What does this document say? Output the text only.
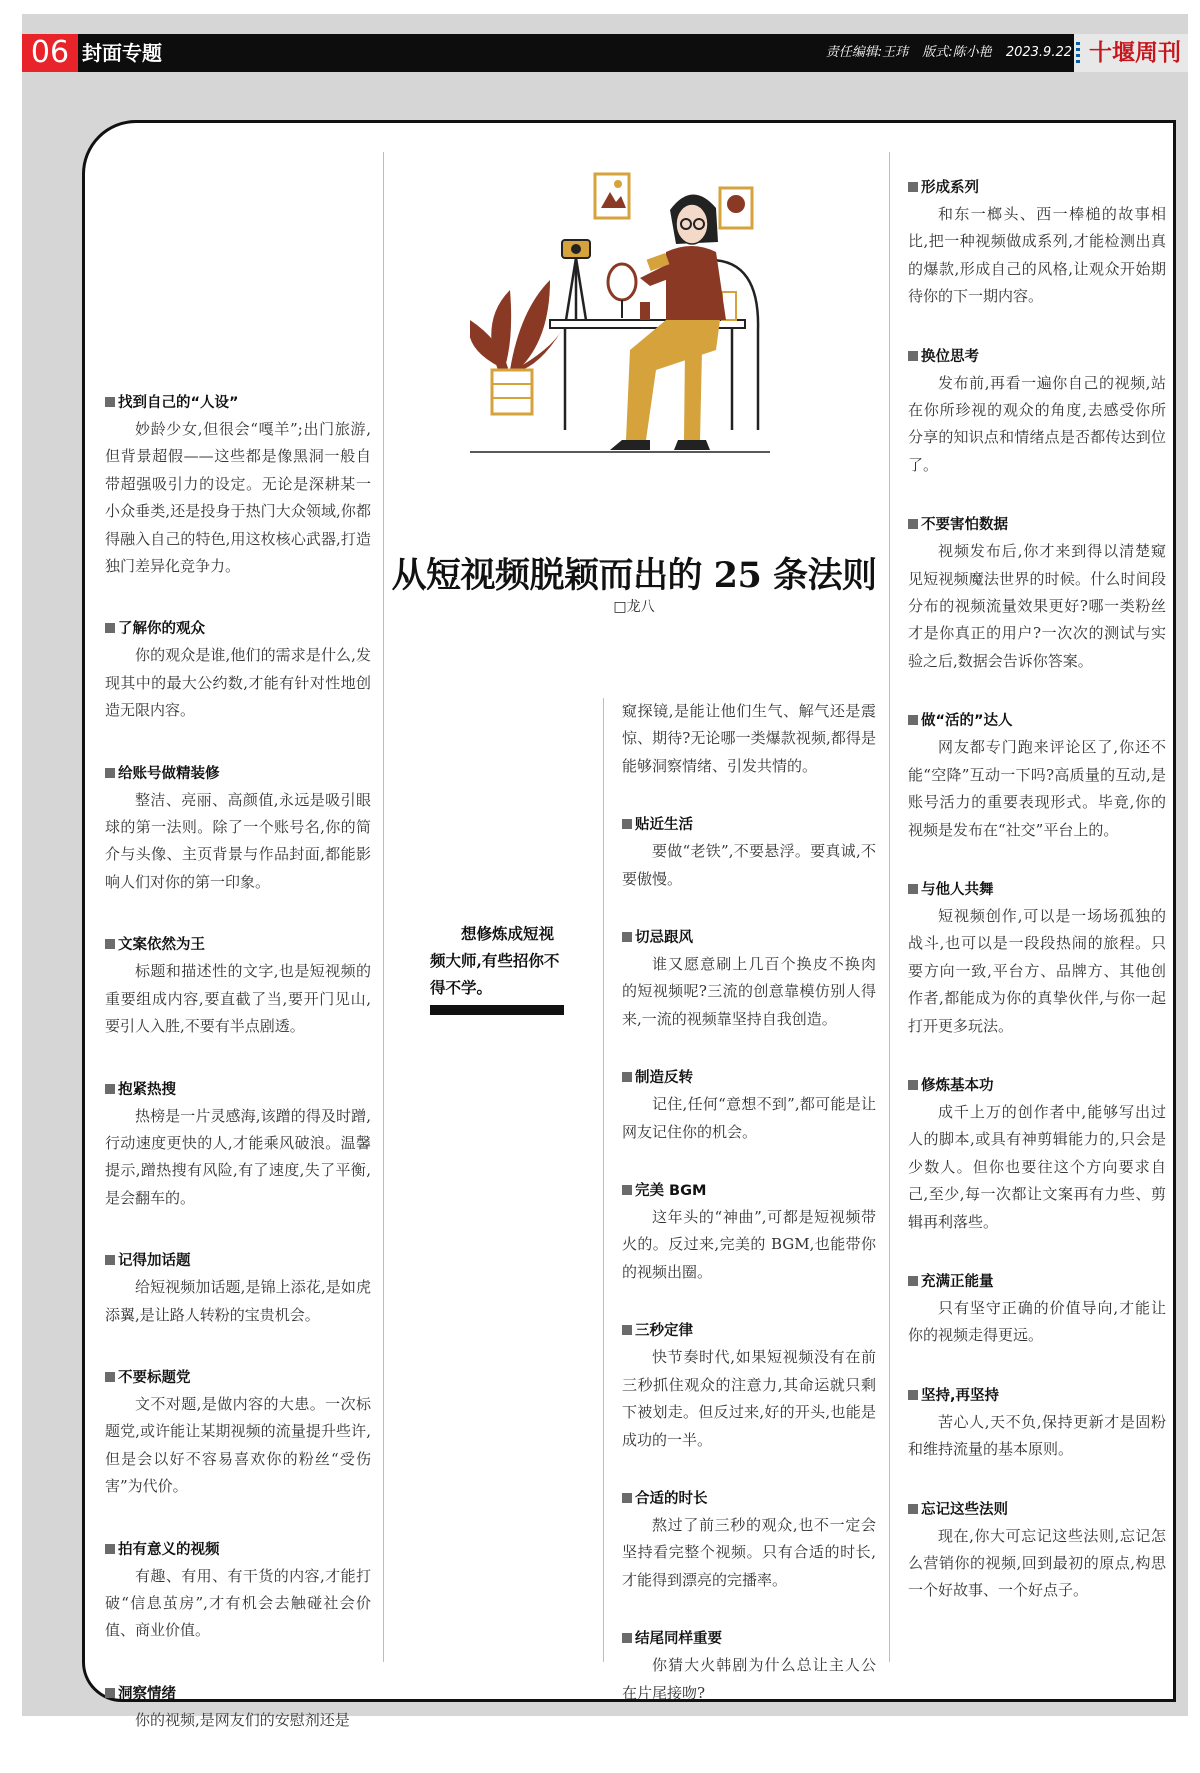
06 封面专题	责任编辑:王玮 版式:陈小艳 2023.9.22 十堰周刊
找到自己的“人设”

妙龄少女,但很会“嘎羊”;出门旅游,但背景超假——这些都是像黑洞一般自带超强吸引力的设定。无论是深耕某一小众垂类,还是投身于热门大众领域,你都得融入自己的特色,用这枚核心武器,打造独门差异化竞争力。

了解你的观众

你的观众是谁,他们的需求是什么,发现其中的最大公约数,才能有针对性地创造无限内容。

给账号做精装修

整洁、亮丽、高颜值,永远是吸引眼球的第一法则。除了一个账号名,你的简介与头像、主页背景与作品封面,都能影响人们对你的第一印象。

文案依然为王

标题和描述性的文字,也是短视频的重要组成内容,要直截了当,要开门见山,要引人入胜,不要有半点剧透。

抱紧热搜

热榜是一片灵感海,该蹭的得及时蹭,行动速度更快的人,才能乘风破浪。温馨提示,蹭热搜有风险,有了速度,失了平衡,是会翻车的。

记得加话题

给短视频加话题,是锦上添花,是如虎添翼,是让路人转粉的宝贵机会。

不要标题党

文不对题,是做内容的大患。一次标题党,或许能让某期视频的流量提升些许,但是会以好不容易喜欢你的粉丝“受伤害”为代价。

拍有意义的视频

有趣、有用、有干货的内容,才能打破“信息茧房”,才有机会去触碰社会价值、商业价值。

洞察情绪

你的视频,是网友们的安慰剂还是

从短视频脱颖而出的 25 条法则
□龙八
想修炼成短视频大师,有些招你不得不学。

窥探镜,是能让他们生气、解气还是震惊、期待?无论哪一类爆款视频,都得是能够洞察情绪、引发共情的。

贴近生活

要做“老铁”,不要悬浮。要真诚,不要傲慢。

切忌跟风

谁又愿意刷上几百个换皮不换肉的短视频呢?三流的创意靠模仿别人得来,一流的视频靠坚持自我创造。

制造反转

记住,任何“意想不到”,都可能是让网友记住你的机会。

完美 BGM

这年头的“神曲”,可都是短视频带火的。反过来,完美的 BGM,也能带你的视频出圈。

三秒定律

快节奏时代,如果短视频没有在前三秒抓住观众的注意力,其命运就只剩下被划走。但反过来,好的开头,也能是成功的一半。

合适的时长

熬过了前三秒的观众,也不一定会坚持看完整个视频。只有合适的时长,才能得到漂亮的完播率。

结尾同样重要

你猜大火韩剧为什么总让主人公在片尾接吻?

形成系列

和东一榔头、西一棒槌的故事相比,把一种视频做成系列,才能检测出真的爆款,形成自己的风格,让观众开始期待你的下一期内容。

换位思考

发布前,再看一遍你自己的视频,站在你所珍视的观众的角度,去感受你所分享的知识点和情绪点是否都传达到位了。

不要害怕数据

视频发布后,你才来到得以清楚窥见短视频魔法世界的时候。什么时间段分布的视频流量效果更好?哪一类粉丝才是你真正的用户?一次次的测试与实验之后,数据会告诉你答案。

做“活的”达人

网友都专门跑来评论区了,你还不能“空降”互动一下吗?高质量的互动,是账号活力的重要表现形式。毕竟,你的视频是发布在“社交”平台上的。

与他人共舞

短视频创作,可以是一场场孤独的战斗,也可以是一段段热闹的旅程。只要方向一致,平台方、品牌方、其他创作者,都能成为你的真挚伙伴,与你一起打开更多玩法。

修炼基本功

成千上万的创作者中,能够写出过人的脚本,或具有神剪辑能力的,只会是少数人。但你也要往这个方向要求自己,至少,每一次都让文案再有力些、剪辑再利落些。

充满正能量

只有坚守正确的价值导向,才能让你的视频走得更远。

坚持,再坚持

苦心人,天不负,保持更新才是固粉和维持流量的基本原则。

忘记这些法则

现在,你大可忘记这些法则,忘记怎么营销你的视频,回到最初的原点,构思一个好故事、一个好点子。
